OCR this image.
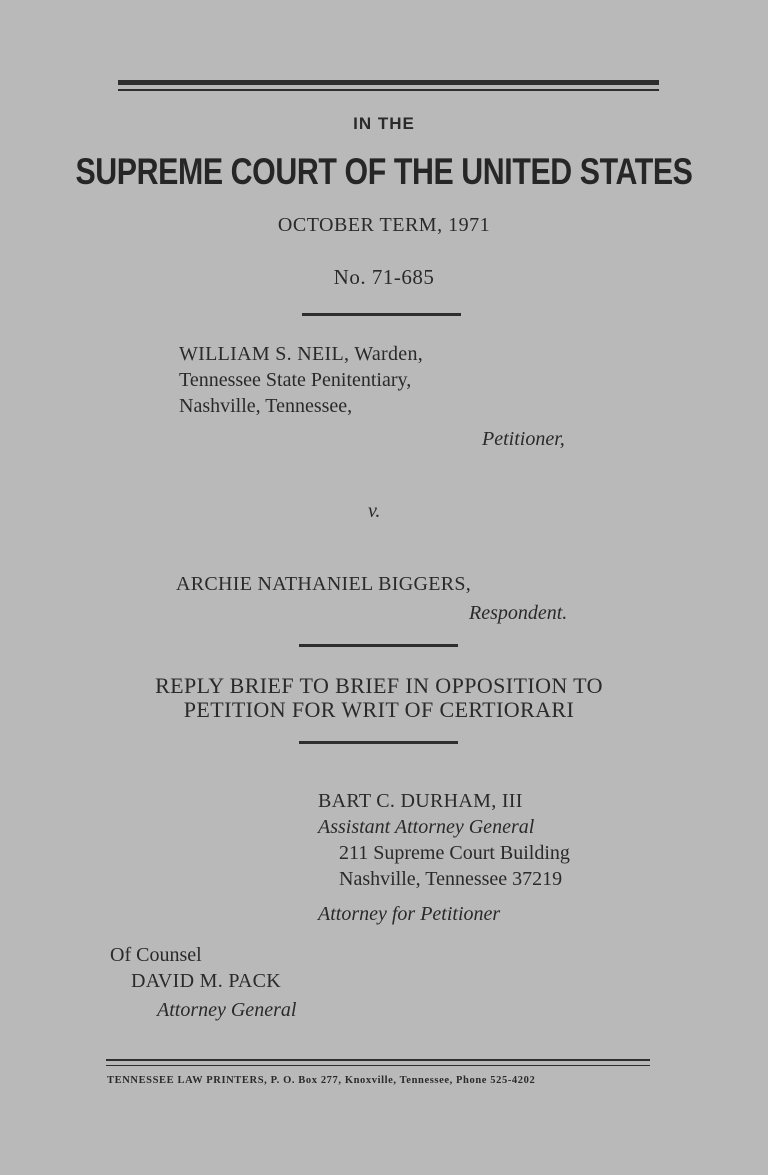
IN THE
SUPREME COURT OF THE UNITED STATES
OCTOBER TERM, 1971
No. 71-685
WILLIAM S. NEIL, Warden,
Tennessee State Penitentiary,
Nashville, Tennessee,
Petitioner,
v.
ARCHIE NATHANIEL BIGGERS,
Respondent.
REPLY BRIEF TO BRIEF IN OPPOSITION TO
PETITION FOR WRIT OF CERTIORARI
BART C. DURHAM, III
Assistant Attorney General
211 Supreme Court Building
Nashville, Tennessee 37219
Attorney for Petitioner
Of Counsel
DAVID M. PACK
Attorney General
TENNESSEE LAW PRINTERS, P. O. Box 277, Knoxville, Tennessee, Phone 525-4202
